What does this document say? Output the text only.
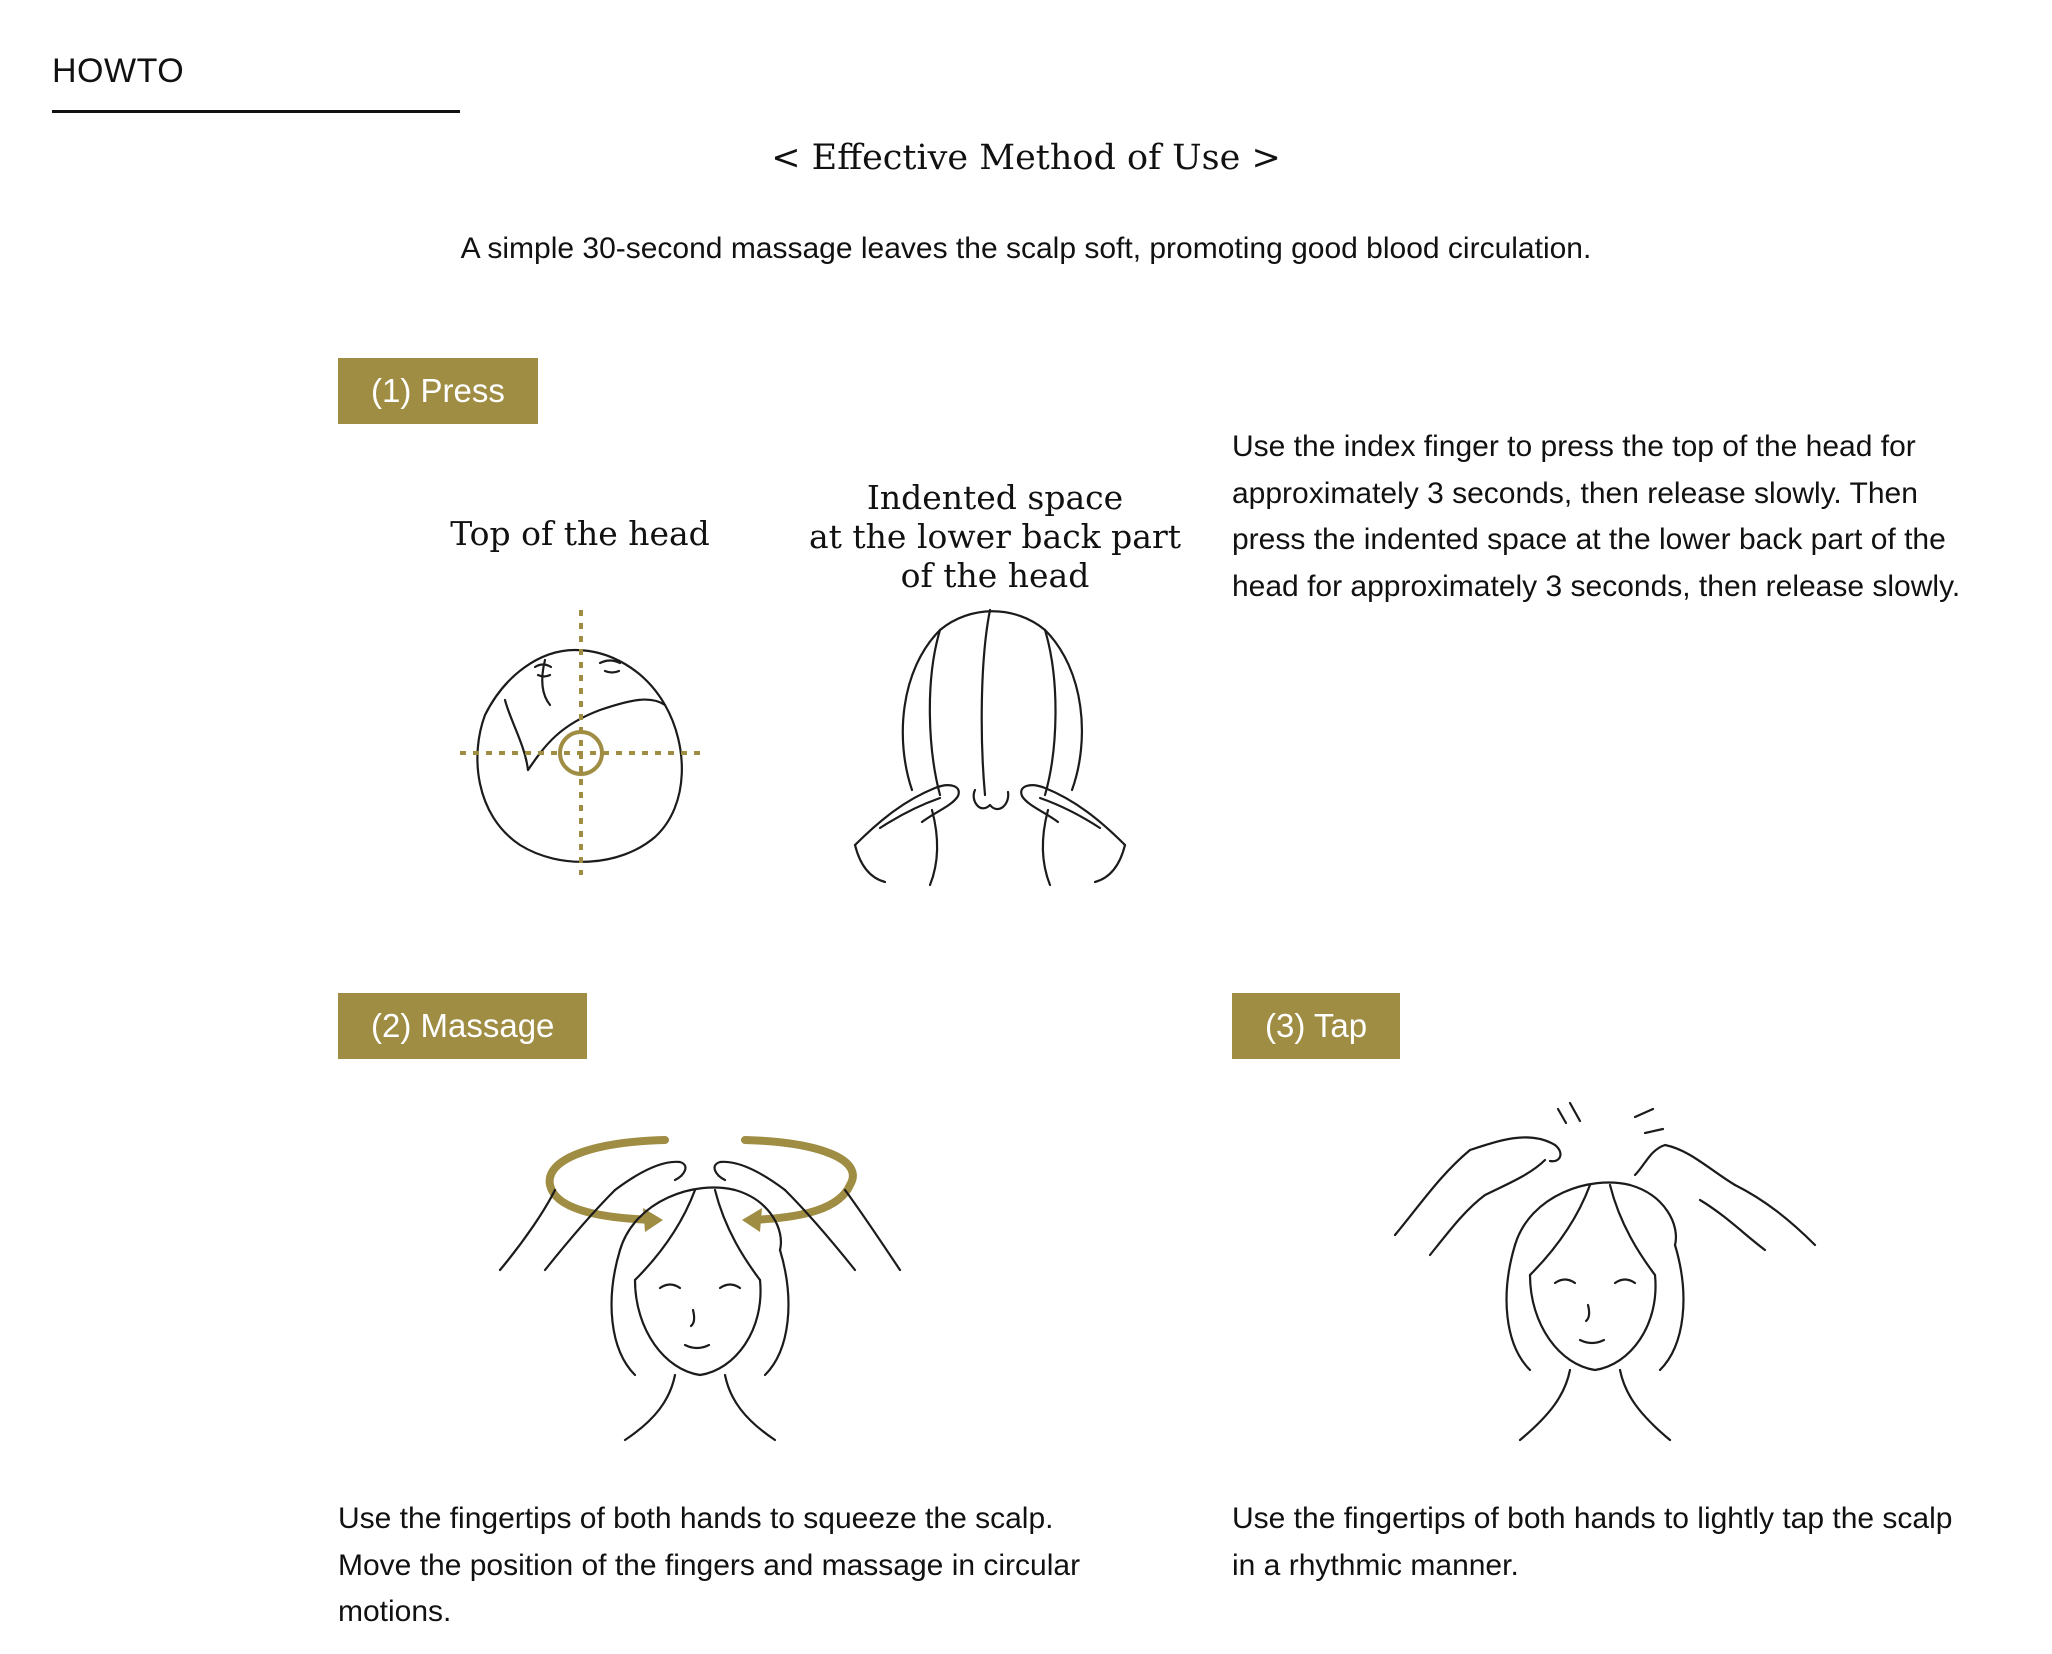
HOWTO
< Effective Method of Use >
A simple 30-second massage leaves the scalp soft, promoting good blood circulation.
(1) Press
Top of the head
Indented space
at the lower back part
of the head
Use the index finger to press the top of the head for approximately 3 seconds, then release slowly. Then press the indented space at the lower back part of the head for approximately 3 seconds, then release slowly.
(2) Massage
Use the fingertips of both hands to squeeze the scalp. Move the position of the fingers and massage in circular motions.
(3) Tap
Use the fingertips of both hands to lightly tap the scalp in a rhythmic manner.
